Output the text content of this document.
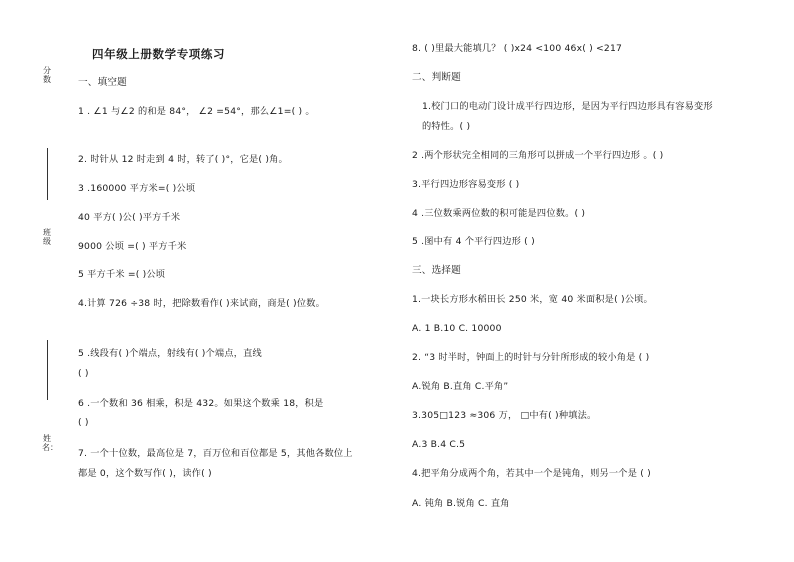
分数
班级
姓名：
四年级上册数学专项练习
一、填空题
1 . ∠1 与∠2 的和是 84°， ∠2 =54°，那么∠1=( ) 。
2. 时针从 12 时走到 4 时，转了( )°，它是( )角。
3 .160000 平方米=( )公顷
40 平方( )公( )平方千米
9000 公顷 =( ) 平方千米
5 平方千米 =( )公顷
4.计算 726 ÷38 时，把除数看作( )来试商，商是( )位数。
5 .线段有( )个端点，射线有( )个端点，直线
( )
6 .一个数和 36 相乘，积是 432。如果这个数乘 18，积是
( )
7. 一个十位数，最高位是 7，百万位和百位都是 5，其他各数位上
都是 0，这个数写作( )，读作( )
8. ( )里最大能填几？ ( )x24 <100 46x( ) <217
二、判断题
1.校门口的电动门设计成平行四边形，是因为平行四边形具有容易变形
的特性。( )
2 .两个形状完全相同的三角形可以拼成一个平行四边形 。( )
3.平行四边形容易变形 ( )
4 .三位数乘两位数的积可能是四位数。( )
5 .图中有 4 个平行四边形 ( )
三、选择题
1.一块长方形水稻田长 250 米，宽 40 米面积是( )公顷。
A. 1 B.10 C. 10000
2. “3 时半时，钟面上的时针与分针所形成的较小角是 ( )
A.锐角 B.直角 C.平角”
3.305□123 ≈306 万， □中有( )种填法。
A.3 B.4 C.5
4.把平角分成两个角，若其中一个是钝角，则另一个是 ( )
A. 钝角 B.锐角 C. 直角
